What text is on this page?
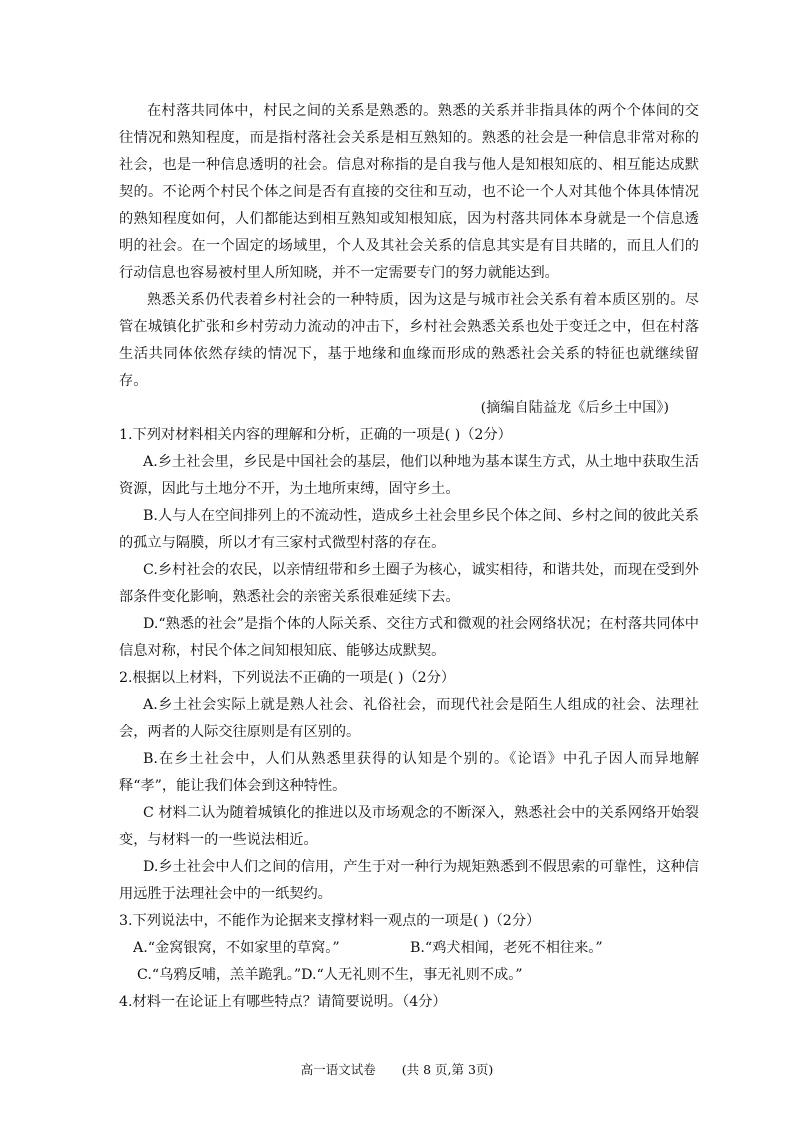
在村落共同体中，村民之间的关系是熟悉的。熟悉的关系并非指具体的两个个体间的交往情况和熟知程度，而是指村落社会关系是相互熟知的。熟悉的社会是一种信息非常对称的社会，也是一种信息透明的社会。信息对称指的是自我与他人是知根知底的、相互能达成默契的。不论两个村民个体之间是否有直接的交往和互动，也不论一个人对其他个体具体情况的熟知程度如何，人们都能达到相互熟知或知根知底，因为村落共同体本身就是一个信息透明的社会。在一个固定的场域里，个人及其社会关系的信息其实是有目共睹的，而且人们的行动信息也容易被村里人所知晓，并不一定需要专门的努力就能达到。

熟悉关系仍代表着乡村社会的一种特质，因为这是与城市社会关系有着本质区别的。尽管在城镇化扩张和乡村劳动力流动的冲击下，乡村社会熟悉关系也处于变迁之中，但在村落生活共同体依然存续的情况下，基于地缘和血缘而形成的熟悉社会关系的特征也就继续留存。

(摘编自陆益龙《后乡土中国》)

1.下列对材料相关内容的理解和分析，正确的一项是( )（2分）

A.乡土社会里，乡民是中国社会的基层，他们以种地为基本谋生方式，从土地中获取生活资源，因此与土地分不开，为土地所束缚，固守乡土。

B.人与人在空间排列上的不流动性，造成乡土社会里乡民个体之间、乡村之间的彼此关系的孤立与隔膜，所以才有三家村式微型村落的存在。

C.乡村社会的农民，以亲情纽带和乡土圈子为核心，诚实相待，和谐共处，而现在受到外部条件变化影响，熟悉社会的亲密关系很难延续下去。

D.“熟悉的社会”是指个体的人际关系、交往方式和微观的社会网络状况；在村落共同体中信息对称，村民个体之间知根知底、能够达成默契。

2.根据以上材料，下列说法不正确的一项是( )（2分）

A.乡土社会实际上就是熟人社会、礼俗社会，而现代社会是陌生人组成的社会、法理社会，两者的人际交往原则是有区别的。

B.在乡土社会中，人们从熟悉里获得的认知是个别的。《论语》中孔子因人而异地解释“孝”，能让我们体会到这种特性。

C 材料二认为随着城镇化的推进以及市场观念的不断深入，熟悉社会中的关系网络开始裂变，与材料一的一些说法相近。

D.乡土社会中人们之间的信用，产生于对一种行为规矩熟悉到不假思索的可靠性，这种信用远胜于法理社会中的一纸契约。

3.下列说法中，不能作为论据来支撑材料一观点的一项是( )（2分）

A.“金窝银窝，不如家里的草窝。”	B.“鸡犬相闻，老死不相往来。”
C.“乌鸦反哺，羔羊跪乳。”D.“人无礼则不生，事无礼则不成。”

4.材料一在论证上有哪些特点？请简要说明。（4分）

高一语文试卷 (共 8 页,第 3页)
